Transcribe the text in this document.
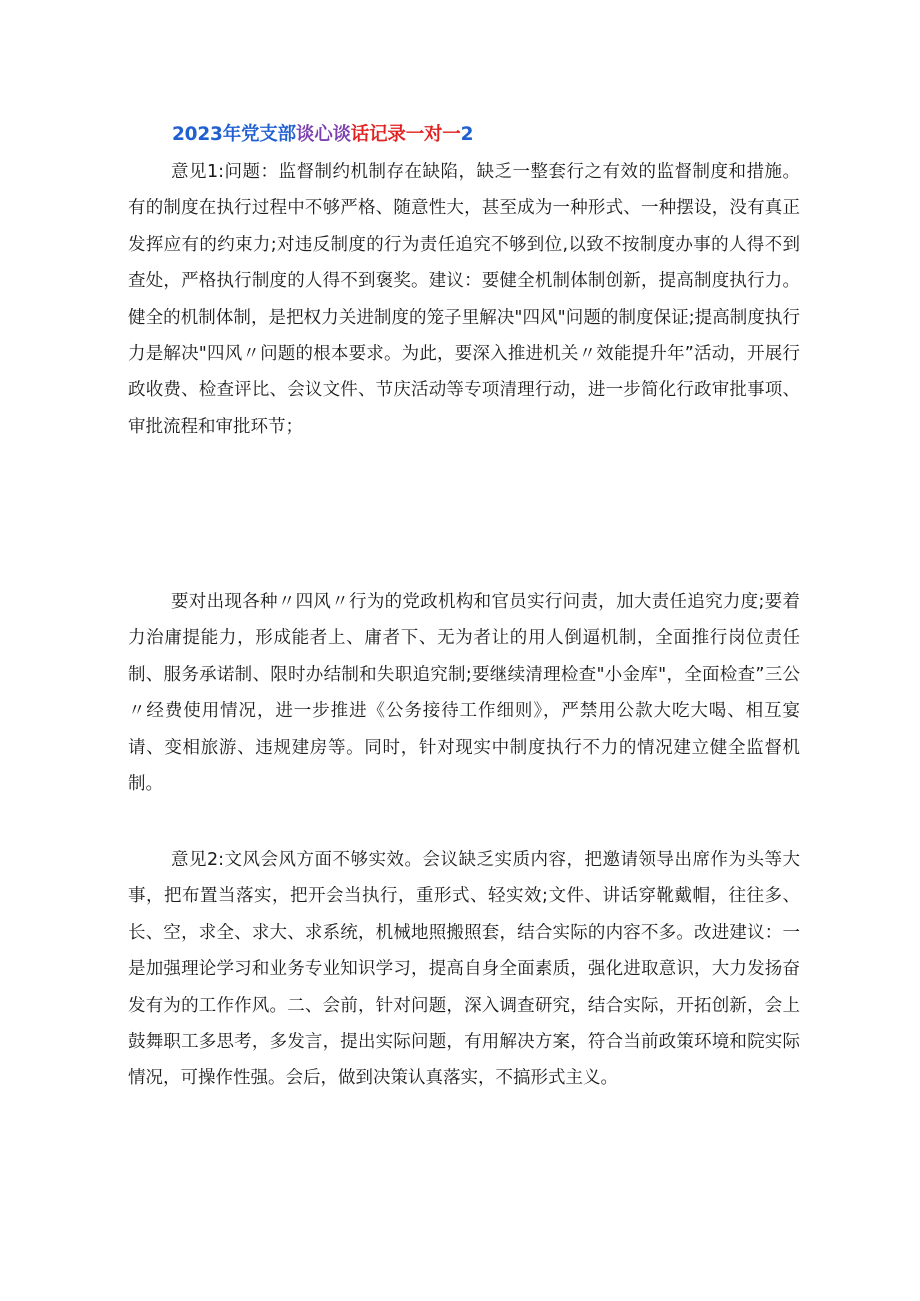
2023年党支部谈心谈话记录一对一2

意见1:问题：监督制约机制存在缺陷，缺乏一整套行之有效的监督制度和措施。有的制度在执行过程中不够严格、随意性大，甚至成为一种形式、一种摆设，没有真正发挥应有的约束力;对违反制度的行为责任追究不够到位,以致不按制度办事的人得不到查处，严格执行制度的人得不到褒奖。建议：要健全机制体制创新，提高制度执行力。健全的机制体制，是把权力关进制度的笼子里解决"四风"问题的制度保证;提高制度执行力是解决"四风〃问题的根本要求。为此，要深入推进机关〃效能提升年”活动，开展行政收费、检查评比、会议文件、节庆活动等专项清理行动，进一步简化行政审批事项、审批流程和审批环节；

要对出现各种〃四风〃行为的党政机构和官员实行问责，加大责任追究力度;要着力治庸提能力，形成能者上、庸者下、无为者让的用人倒逼机制，全面推行岗位责任制、服务承诺制、限时办结制和失职追究制;要继续清理检查"小金库"，全面检查”三公〃经费使用情况，进一步推进《公务接待工作细则》，严禁用公款大吃大喝、相互宴请、变相旅游、违规建房等。同时，针对现实中制度执行不力的情况建立健全监督机制。

意见2:文风会风方面不够实效。会议缺乏实质内容，把邀请领导出席作为头等大事，把布置当落实，把开会当执行，重形式、轻实效;文件、讲话穿靴戴帽，往往多、长、空，求全、求大、求系统，机械地照搬照套，结合实际的内容不多。改进建议：一是加强理论学习和业务专业知识学习，提高自身全面素质，强化进取意识，大力发扬奋发有为的工作作风。二、会前，针对问题，深入调查研究，结合实际，开拓创新，会上鼓舞职工多思考，多发言，提出实际问题，有用解决方案，符合当前政策环境和院实际情况，可操作性强。会后，做到决策认真落实，不搞形式主义。
